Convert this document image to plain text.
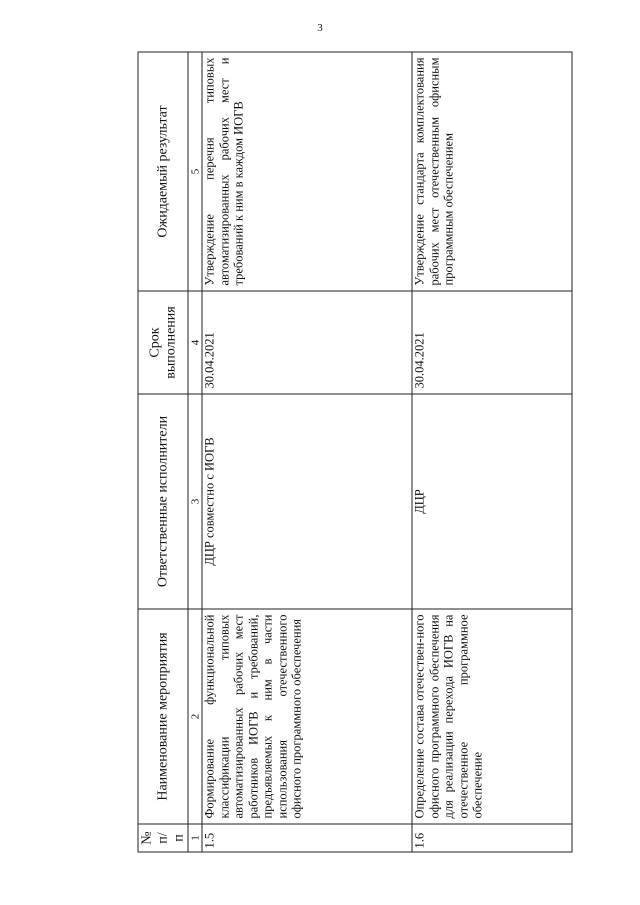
3
№ п/п	Наименование мероприятия	Ответственные исполнители	Срок выполнения	Ожидаемый результат
1	2	3	4	5
1.5	Формирование функциональной классификации типовых автоматизированных рабочих мест работников ИОГВ и требований, предъявляемых к ним в части использования отечественного офисного программного обеспечения	ДЦР совместно с ИОГВ	30.04.2021	Утверждение перечня типовых автоматизированных рабочих мест и требований к ним в каждом ИОГВ
1.6	Определение состава отечествен-ного офисного программного обеспечения для реализации перехода ИОГВ на отечественное программное обеспечение	ДЦР	30.04.2021	Утверждение стандарта комплектования рабочих мест отечественным офисным программным обеспечением
